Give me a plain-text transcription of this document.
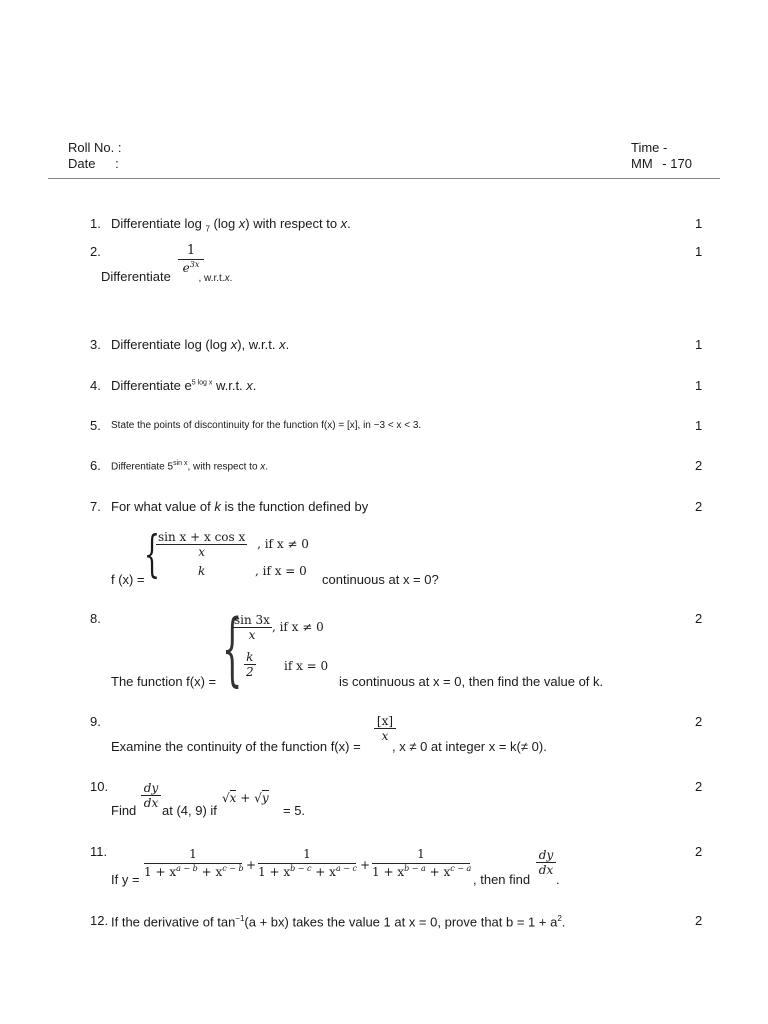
Roll No. :
Date :
Time -
MM - 170
1. Differentiate log $_7$ (log x) with respect to x.	1
2.	$\frac{1}{e^{3x}}$
Differentiate , w.r.t.x.
1
3. Differentiate log (log x), w.r.t. x.	1
4. Differentiate $e^{5 log x}$ w.r.t. x.	1
5. State the points of discontinuity for the function f(x) = [x], in −3 < x < 3.	1
6. Differentiate $5^{sin x}$, with respect to x.	2
7. For what value of k is the function defined by	2
f (x) = {
$\frac{\text{sin x + x cos x}}{x}$ , if x ≠ 0
k	, if x = 0
continuous at x = 0?
8.	2
{
$\frac{\sin 3x}{x}$ , if x ≠ 0
$\frac{k}{2}$ if x = 0
The function f(x) =	is continuous at x = 0, then find the value of k.
9.	2
[x]
x
Examine the continuity of the function f(x) = , x ≠ 0 at integer x = k(≠ 0).
10.	2
dy
dx
Find at (4, 9) if
√x + √y
= 5.
11.	2
If y =
1
$1 + x^{a - b} + x^{c - b}$ +
1
$1 + x^{b - c} + x^{a - c}$ +
1
$1 + x^{b - a} + x^{c - a}$
, then find
dy
dx
.
12. If the derivative of $\tan^{-1}(a + bx)$ takes the value 1 at x = 0, prove that $b = 1 + a^2$.	2
